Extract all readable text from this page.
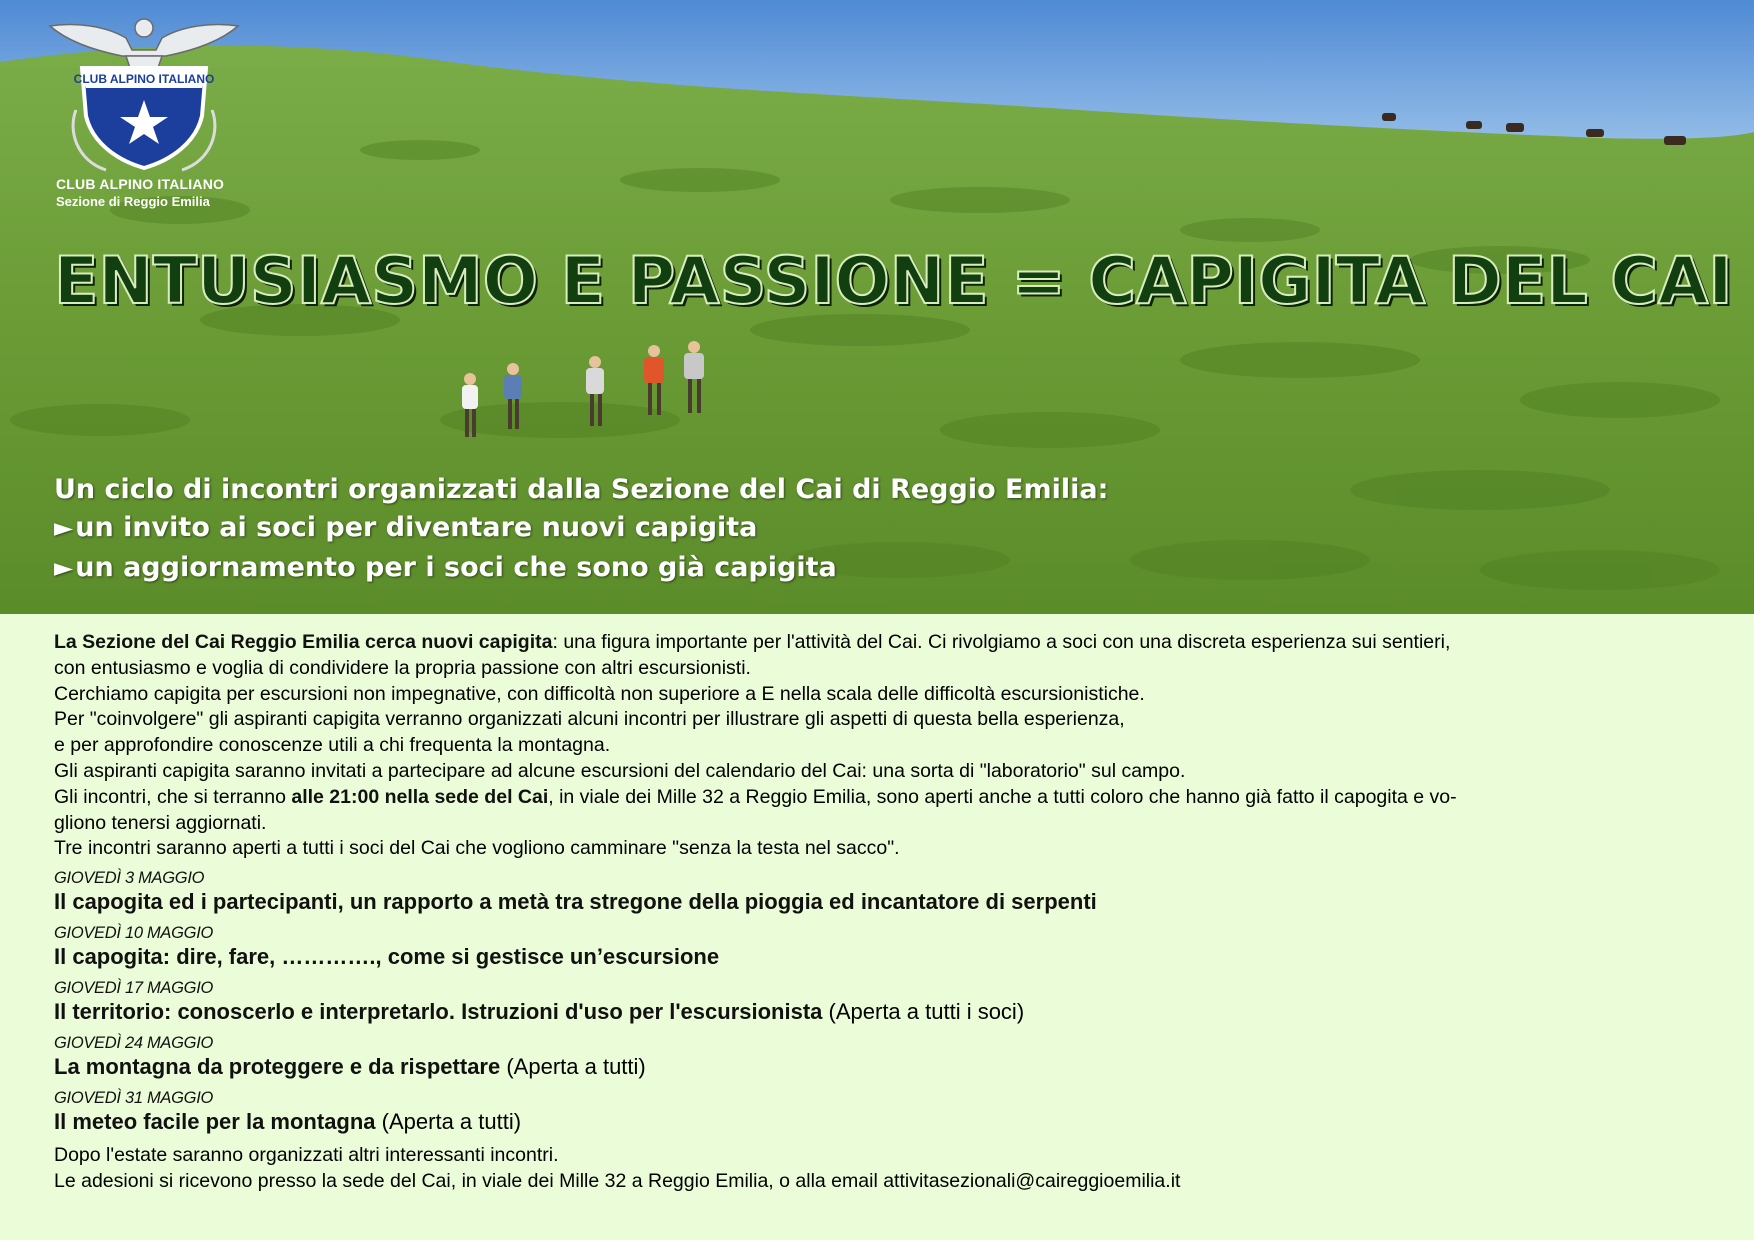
CLUB ALPINO ITALIANO
CLUB ALPINO ITALIANO
Sezione di Reggio Emilia
ENTUSIASMO E PASSIONE = CAPIGITA DEL CAI
Un ciclo di incontri organizzati dalla Sezione del Cai di Reggio Emilia:
►un invito ai soci per diventare nuovi capigita
►un aggiornamento per i soci che sono già capigita

La Sezione del Cai Reggio Emilia cerca nuovi capigita: una figura importante per l'attività del Cai. Ci rivolgiamo a soci con una discreta esperienza sui sentieri,

con entusiasmo e voglia di condividere la propria passione con altri escursionisti.

Cerchiamo capigita per escursioni non impegnative, con difficoltà non superiore a E nella scala delle difficoltà escursionistiche.

Per "coinvolgere" gli aspiranti capigita verranno organizzati alcuni incontri per illustrare gli aspetti di questa bella esperienza,

e per approfondire conoscenze utili a chi frequenta la montagna.

Gli aspiranti capigita saranno invitati a partecipare ad alcune escursioni del calendario del Cai: una sorta di "laboratorio" sul campo.

Gli incontri, che si terranno alle 21:00 nella sede del Cai, in viale dei Mille 32 a Reggio Emilia, sono aperti anche a tutti coloro che hanno già fatto il capogita e vo-

gliono tenersi aggiornati.

Tre incontri saranno aperti a tutti i soci del Cai che vogliono camminare "senza la testa nel sacco".

GIOVEDÌ 3 MAGGIO
Il capogita ed i partecipanti, un rapporto a metà tra stregone della pioggia ed incantatore di serpenti
GIOVEDÌ 10 MAGGIO
Il capogita: dire, fare, …………., come si gestisce un’escursione
GIOVEDÌ 17 MAGGIO
Il territorio: conoscerlo e interpretarlo. Istruzioni d'uso per l'escursionista (Aperta a tutti i soci)
GIOVEDÌ 24 MAGGIO
La montagna da proteggere e da rispettare (Aperta a tutti)
GIOVEDÌ 31 MAGGIO
Il meteo facile per la montagna (Aperta a tutti)

Dopo l'estate saranno organizzati altri interessanti incontri.

Le adesioni si ricevono presso la sede del Cai, in viale dei Mille 32 a Reggio Emilia, o alla email attivitasezionali@caireggioemilia.it
